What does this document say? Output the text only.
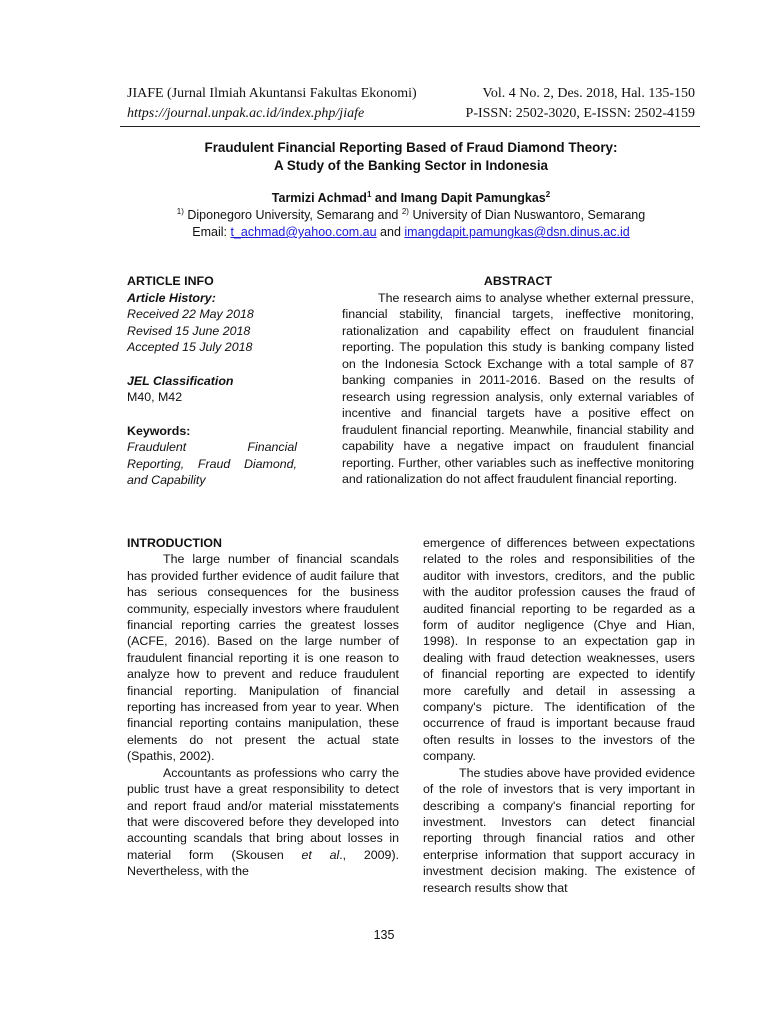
JIAFE (Jurnal Ilmiah Akuntansi Fakultas Ekonomi)	Vol. 4 No. 2, Des. 2018, Hal. 135-150
https://journal.unpak.ac.id/index.php/jiafe	P-ISSN: 2502-3020, E-ISSN: 2502-4159
Fraudulent Financial Reporting Based of Fraud Diamond Theory:
A Study of the Banking Sector in Indonesia
Tarmizi Achmad$^1$ and Imang Dapit Pamungkas$^2$
$^{1)}$ Diponegoro University, Semarang and $^{2)}$ University of Dian Nuswantoro, Semarang
Email: t_achmad@yahoo.com.au and imangdapit.pamungkas@dsn.dinus.ac.id
ARTICLE INFO
Article History:
Received 22 May 2018
Revised 15 June 2018
Accepted 15 July 2018
JEL Classification
M40, M42
Keywords:
Fraudulent Financial Reporting, Fraud Diamond, and Capability
ABSTRACT
The research aims to analyse whether external pressure, financial stability, financial targets, ineffective monitoring, rationalization and capability effect on fraudulent financial reporting. The population this study is banking company listed on the Indonesia Sctock Exchange with a total sample of 87 banking companies in 2011-2016. Based on the results of research using regression analysis, only external variables of incentive and financial targets have a positive effect on fraudulent financial reporting. Meanwhile, financial stability and capability have a negative impact on fraudulent financial reporting. Further, other variables such as ineffective monitoring and rationalization do not affect fraudulent financial reporting.
INTRODUCTION

The large number of financial scandals has provided further evidence of audit failure that has serious consequences for the business community, especially investors where fraudulent financial reporting carries the greatest losses (ACFE, 2016). Based on the large number of fraudulent financial reporting it is one reason to analyze how to prevent and reduce fraudulent financial reporting. Manipulation of financial reporting has increased from year to year. When financial reporting contains manipulation, these elements do not present the actual state (Spathis, 2002).

Accountants as professions who carry the public trust have a great responsibility to detect and report fraud and/or material misstatements that were discovered before they developed into accounting scandals that bring about losses in material form (Skousen et al., 2009). Nevertheless, with the

emergence of differences between expectations related to the roles and responsibilities of the auditor with investors, creditors, and the public with the auditor profession causes the fraud of audited financial reporting to be regarded as a form of auditor negligence (Chye and Hian, 1998). In response to an expectation gap in dealing with fraud detection weaknesses, users of financial reporting are expected to identify more carefully and detail in assessing a company's picture. The identification of the occurrence of fraud is important because fraud often results in losses to the investors of the company.

The studies above have provided evidence of the role of investors that is very important in describing a company's financial reporting for investment. Investors can detect financial reporting through financial ratios and other enterprise information that support accuracy in investment decision making. The existence of research results show that

135
